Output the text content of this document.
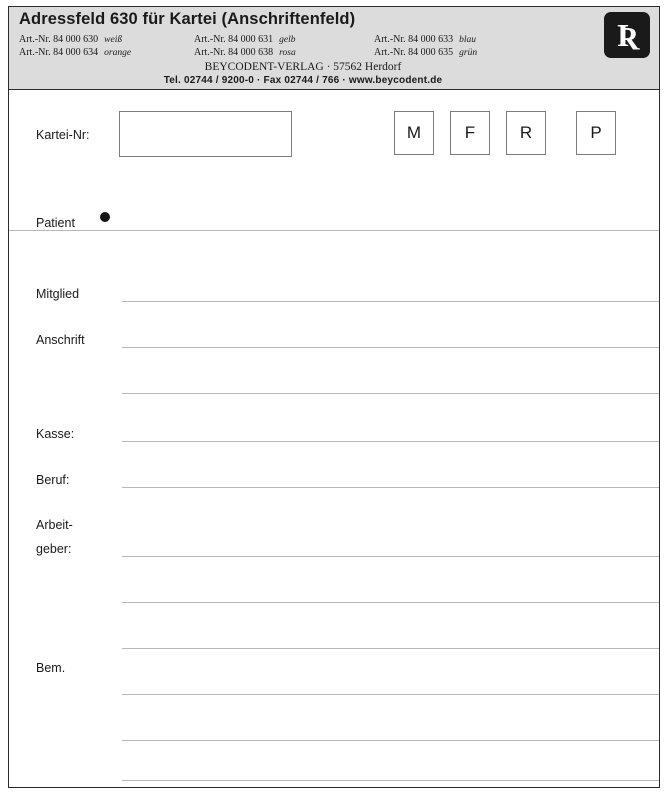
Adressfeld 630 für Kartei (Anschriftenfeld)
Art.-Nr. 84 000 630 weiß	Art.-Nr. 84 000 631 gelb	Art.-Nr. 84 000 633 blau
Art.-Nr. 84 000 634 orange	Art.-Nr. 84 000 638 rosa	Art.-Nr. 84 000 635 grün
BEYCODENT-VERLAG · 57562 Herdorf
Tel. 02744 / 9200-0 · Fax 02744 / 766 · www.beycodent.de
Ʀ
Kartei-Nr:	M	F	R	P
Patient
Mitglied
Anschrift
Kasse:
Beruf:
Arbeit-
geber:
Bem.
